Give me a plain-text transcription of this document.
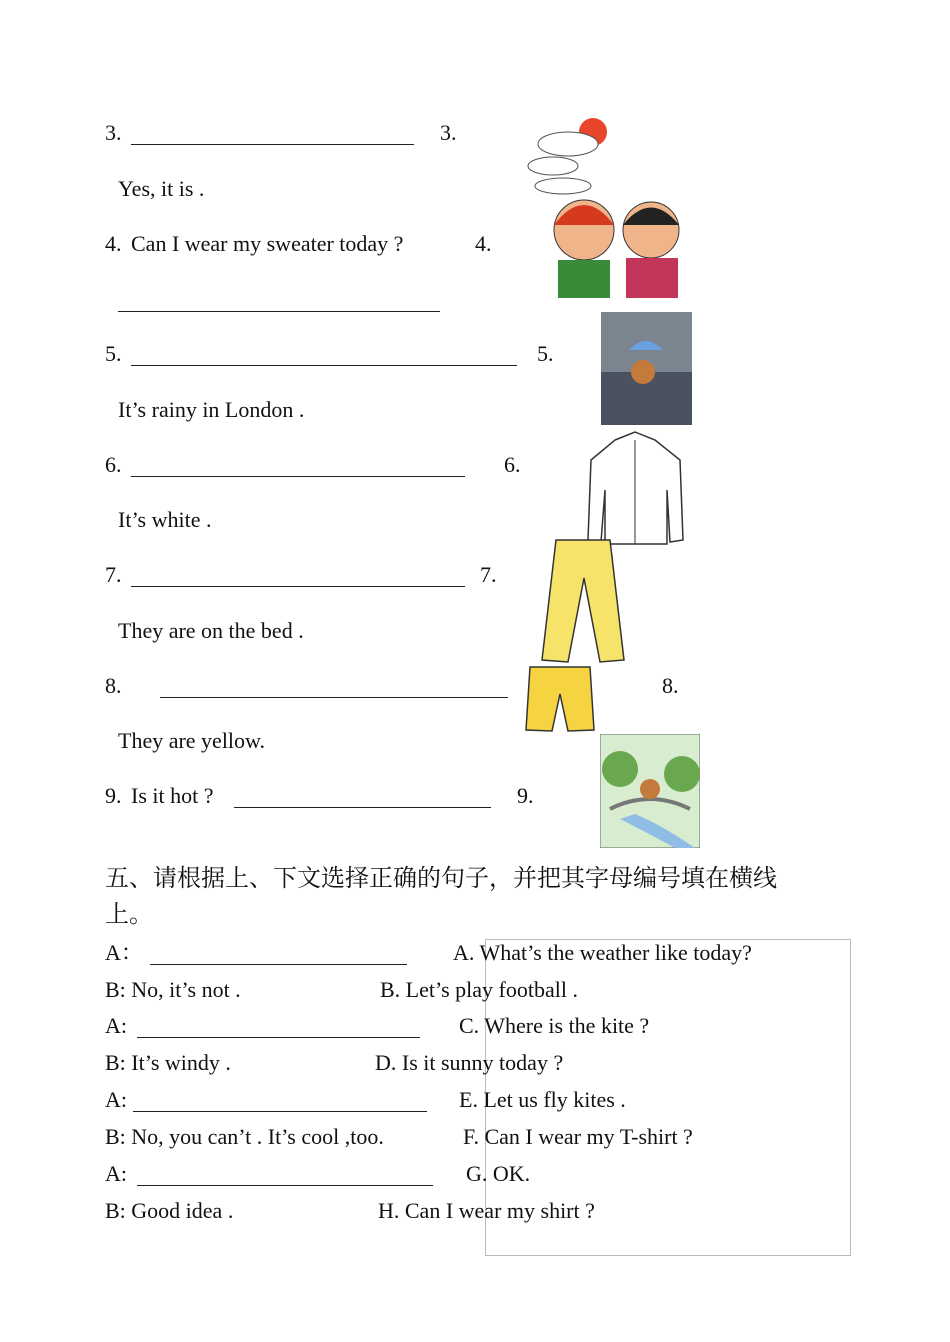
3.	3.
Yes, it is .
4. Can I wear my sweater today ?	4.
5.	5.
It’s rainy in London .
6.	6.
It’s white .
7.	7.
They are on the bed .
8.	8.
They are yellow.
9. Is it hot ?	9.
五、请根据上、下文选择正确的句子，并把其字母编号填在横线
上。
A：	A. What’s the weather like today?
B: No, it’s not .	B. Let’s play football .
A:	C. Where is the kite ?
B: It’s windy .	D. Is it sunny today ?
A:	E. Let us fly kites .
B: No, you can’t . It’s cool ,too.	F. Can I wear my T-shirt ?
A:	G. OK.
B: Good idea .	H. Can I wear my shirt ?
